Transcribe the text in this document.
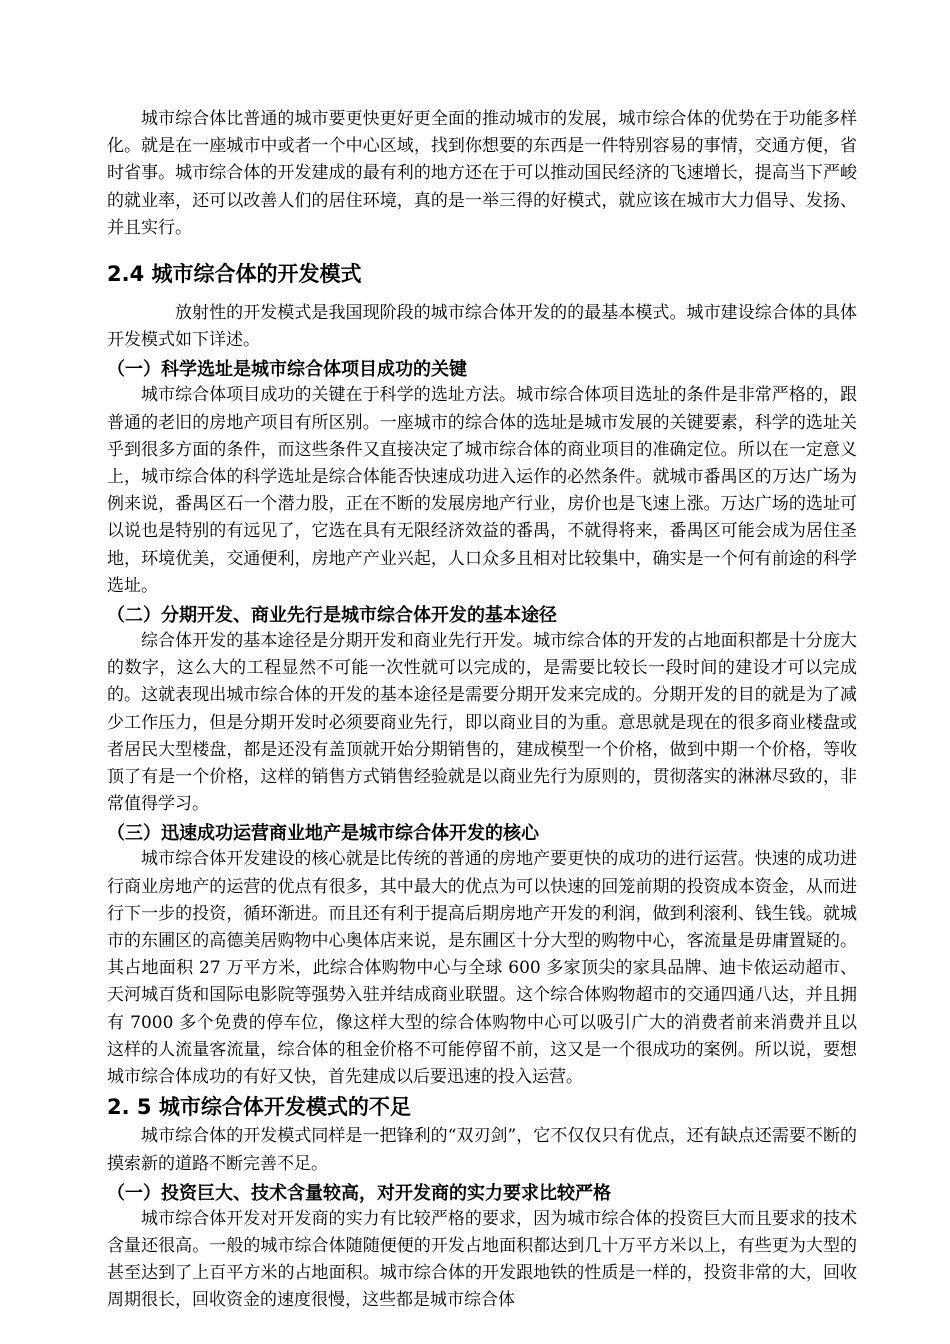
城市综合体比普通的城市要更快更好更全面的推动城市的发展，城市综合体的优势在于功能多样化。就是在一座城市中或者一个中心区域，找到你想要的东西是一件特别容易的事情，交通方便，省时省事。城市综合体的开发建成的最有利的地方还在于可以推动国民经济的飞速增长，提高当下严峻的就业率，还可以改善人们的居住环境，真的是一举三得的好模式，就应该在城市大力倡导、发扬、并且实行。

2.4 城市综合体的开发模式

放射性的开发模式是我国现阶段的城市综合体开发的的最基本模式。城市建设综合体的具体开发模式如下详述。

（一）科学选址是城市综合体项目成功的关键

城市综合体项目成功的关键在于科学的选址方法。城市综合体项目选址的条件是非常严格的，跟普通的老旧的房地产项目有所区别。一座城市的综合体的选址是城市发展的关键要素，科学的选址关乎到很多方面的条件，而这些条件又直接决定了城市综合体的商业项目的准确定位。所以在一定意义上，城市综合体的科学选址是综合体能否快速成功进入运作的必然条件。就城市番禺区的万达广场为例来说，番禺区石一个潜力股，正在不断的发展房地产行业，房价也是飞速上涨。万达广场的选址可以说也是特别的有远见了，它选在具有无限经济效益的番禺，不就得将来，番禺区可能会成为居住圣地，环境优美，交通便利，房地产产业兴起，人口众多且相对比较集中，确实是一个何有前途的科学选址。

（二）分期开发、商业先行是城市综合体开发的基本途径

综合体开发的基本途径是分期开发和商业先行开发。城市综合体的开发的占地面积都是十分庞大的数字，这么大的工程显然不可能一次性就可以完成的，是需要比较长一段时间的建设才可以完成的。这就表现出城市综合体的开发的基本途径是需要分期开发来完成的。分期开发的目的就是为了减少工作压力，但是分期开发时必须要商业先行，即以商业目的为重。意思就是现在的很多商业楼盘或者居民大型楼盘，都是还没有盖顶就开始分期销售的，建成模型一个价格，做到中期一个价格，等收顶了有是一个价格，这样的销售方式销售经验就是以商业先行为原则的，贯彻落实的淋淋尽致的，非常值得学习。

（三）迅速成功运营商业地产是城市综合体开发的核心

城市综合体开发建设的核心就是比传统的普通的房地产要更快的成功的进行运营。快速的成功进行商业房地产的运营的优点有很多，其中最大的优点为可以快速的回笼前期的投资成本资金，从而进行下一步的投资，循环渐进。而且还有利于提高后期房地产开发的利润，做到利滚利、钱生钱。就城市的东圃区的高德美居购物中心奥体店来说，是东圃区十分大型的购物中心，客流量是毋庸置疑的。其占地面积 27 万平方米，此综合体购物中心与全球 600 多家顶尖的家具品牌、迪卡侬运动超市、天河城百货和国际电影院等强势入驻并结成商业联盟。这个综合体购物超市的交通四通八达，并且拥有 7000 多个免费的停车位，像这样大型的综合体购物中心可以吸引广大的消费者前来消费并且以这样的人流量客流量，综合体的租金价格不可能停留不前，这又是一个很成功的案例。所以说，要想城市综合体成功的有好又快，首先建成以后要迅速的投入运营。

2. 5 城市综合体开发模式的不足

城市综合体的开发模式同样是一把锋利的“双刃剑”，它不仅仅只有优点，还有缺点还需要不断的摸索新的道路不断完善不足。

（一）投资巨大、技术含量较高，对开发商的实力要求比较严格

城市综合体开发对开发商的实力有比较严格的要求，因为城市综合体的投资巨大而且要求的技术含量还很高。一般的城市综合体随随便便的开发占地面积都达到几十万平方米以上，有些更为大型的甚至达到了上百平方米的占地面积。城市综合体的开发跟地铁的性质是一样的，投资非常的大，回收周期很长，回收资金的速度很慢，这些都是城市综合体
